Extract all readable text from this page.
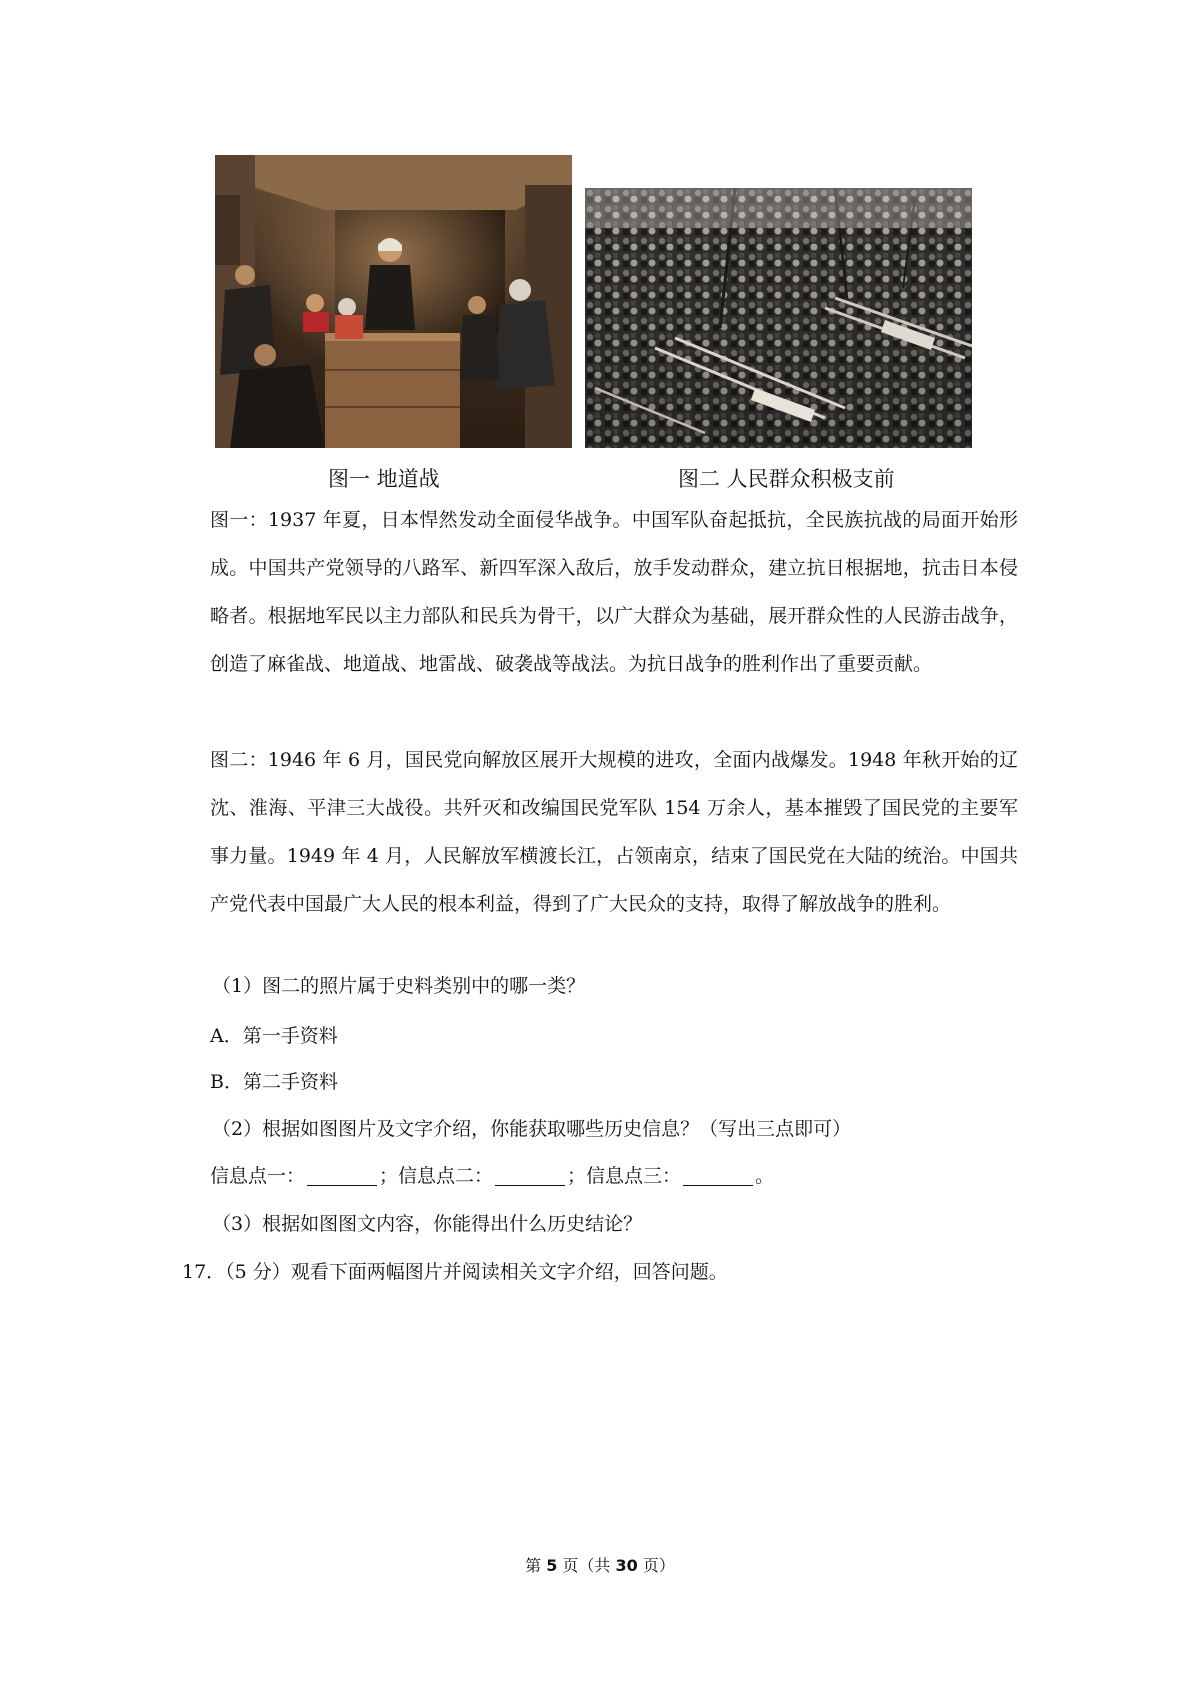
图一 地道战	图二 人民群众积极支前

图一：1937 年夏，日本悍然发动全面侵华战争。中国军队奋起抵抗，全民族抗战的局面开始形成。中国共产党领导的八路军、新四军深入敌后，放手发动群众，建立抗日根据地，抗击日本侵略者。根据地军民以主力部队和民兵为骨干，以广大群众为基础，展开群众性的人民游击战争，创造了麻雀战、地道战、地雷战、破袭战等战法。为抗日战争的胜利作出了重要贡献。

图二：1946 年 6 月，国民党向解放区展开大规模的进攻，全面内战爆发。1948 年秋开始的辽沈、淮海、平津三大战役。共歼灭和改编国民党军队 154 万余人，基本摧毁了国民党的主要军事力量。1949 年 4 月，人民解放军横渡长江，占领南京，结束了国民党在大陆的统治。中国共产党代表中国最广大人民的根本利益，得到了广大民众的支持，取得了解放战争的胜利。

（1）图二的照片属于史料类别中的哪一类？
A．第一手资料
B．第二手资料
（2）根据如图图片及文字介绍，你能获取哪些历史信息？（写出三点即可）
信息点一：	；信息点二：	；信息点三：	。
（3）根据如图图文内容，你能得出什么历史结论？
17．（5 分）观看下面两幅图片并阅读相关文字介绍，回答问题。
第 5 页（共 30 页）
